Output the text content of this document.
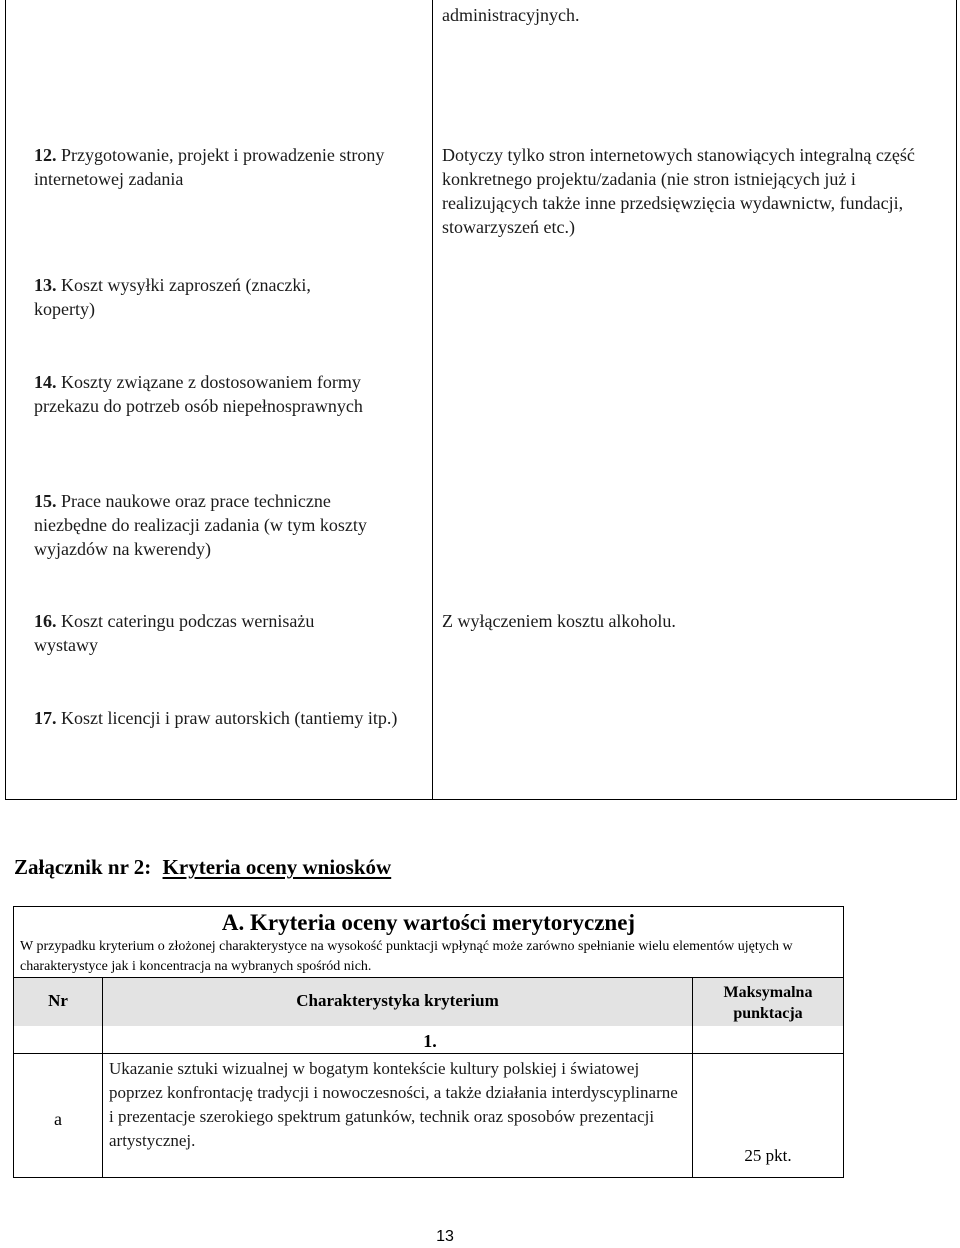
administracyjnych.
12. Przygotowanie, projekt i prowadzenie strony internetowej zadania
Dotyczy tylko stron internetowych stanowiących integralną część konkretnego projektu/zadania (nie stron istniejących już i realizujących także inne przedsięwzięcia wydawnictw, fundacji, stowarzyszeń etc.)
13. Koszt wysyłki zaproszeń (znaczki, koperty)
14. Koszty związane z dostosowaniem formy przekazu do potrzeb osób niepełnosprawnych
15. Prace naukowe oraz prace techniczne niezbędne do realizacji zadania (w tym koszty wyjazdów na kwerendy)
16. Koszt cateringu podczas wernisażu wystawy
Z wyłączeniem kosztu alkoholu.
17. Koszt licencji i praw autorskich (tantiemy itp.)
Załącznik nr 2: Kryteria oceny wniosków
A. Kryteria oceny wartości merytorycznej
W przypadku kryterium o złożonej charakterystyce na wysokość punktacji wpłynąć może zarówno spełnianie wielu elementów ujętych w charakterystyce jak i koncentracja na wybranych spośród nich.
Nr	Charakterystyka kryterium	Maksymalna punktacja
1.
a
Ukazanie sztuki wizualnej w bogatym kontekście kultury polskiej i światowej poprzez konfrontację tradycji i nowoczesności, a także działania interdyscyplinarne i prezentacje szerokiego spektrum gatunków, technik oraz sposobów prezentacji artystycznej.
25 pkt.
13
